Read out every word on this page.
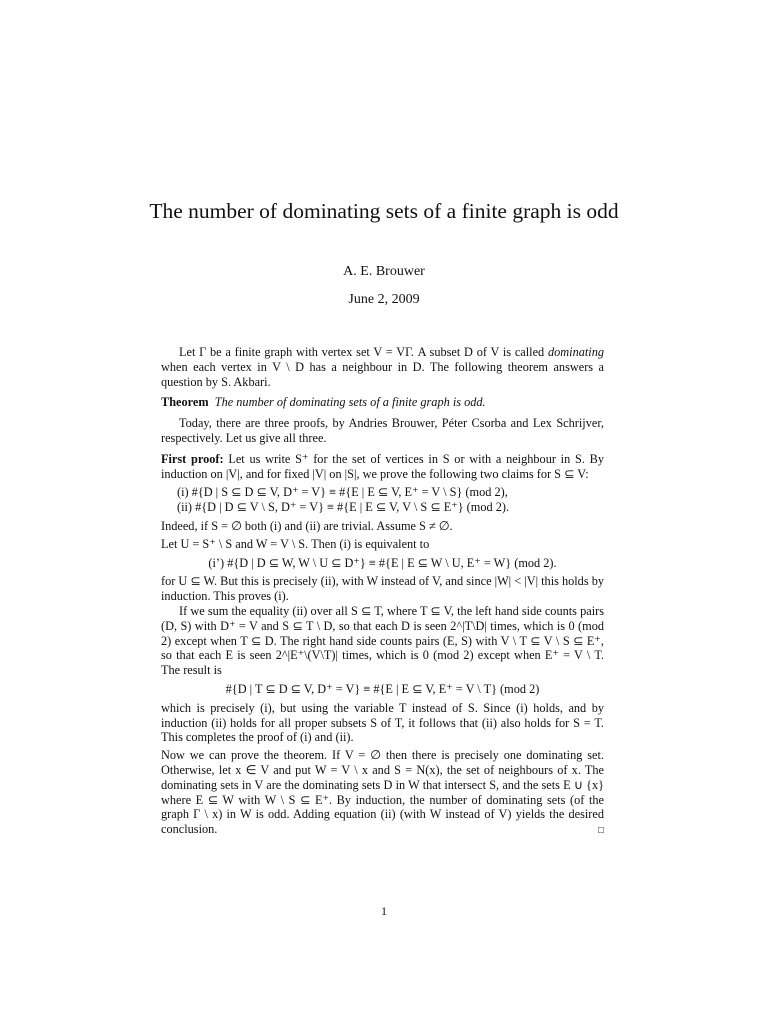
The number of dominating sets of a finite graph is odd
A. E. Brouwer
June 2, 2009

Let Γ be a finite graph with vertex set V = VΓ. A subset D of V is called dominating when each vertex in V \ D has a neighbour in D. The following theorem answers a question by S. Akbari.

Theorem The number of dominating sets of a finite graph is odd.

Today, there are three proofs, by Andries Brouwer, Péter Csorba and Lex Schrijver, respectively. Let us give all three.

First proof: Let us write S⁺ for the set of vertices in S or with a neighbour in S. By induction on |V|, and for fixed |V| on |S|, we prove the following two claims for S ⊆ V:

(i) #{D | S ⊆ D ⊆ V, D⁺ = V} ≡ #{E | E ⊆ V, E⁺ = V \ S} (mod 2),
(ii) #{D | D ⊆ V \ S, D⁺ = V} ≡ #{E | E ⊆ V, V \ S ⊆ E⁺} (mod 2).

Indeed, if S = ∅ both (i) and (ii) are trivial. Assume S ≠ ∅.

Let U = S⁺ \ S and W = V \ S. Then (i) is equivalent to

(i’) #{D | D ⊆ W, W \ U ⊆ D⁺} ≡ #{E | E ⊆ W \ U, E⁺ = W} (mod 2).

for U ⊆ W. But this is precisely (ii), with W instead of V, and since |W| < |V| this holds by induction. This proves (i).

If we sum the equality (ii) over all S ⊆ T, where T ⊆ V, the left hand side counts pairs (D, S) with D⁺ = V and S ⊆ T \ D, so that each D is seen 2^|T\D| times, which is 0 (mod 2) except when T ⊆ D. The right hand side counts pairs (E, S) with V \ T ⊆ V \ S ⊆ E⁺, so that each E is seen 2^|E⁺\(V\T)| times, which is 0 (mod 2) except when E⁺ = V \ T. The result is

#{D | T ⊆ D ⊆ V, D⁺ = V} ≡ #{E | E ⊆ V, E⁺ = V \ T} (mod 2)

which is precisely (i), but using the variable T instead of S. Since (i) holds, and by induction (ii) holds for all proper subsets S of T, it follows that (ii) also holds for S = T. This completes the proof of (i) and (ii).

Now we can prove the theorem. If V = ∅ then there is precisely one dominating set. Otherwise, let x ∈ V and put W = V \ x and S = N(x), the set of neighbours of x. The dominating sets in V are the dominating sets D in W that intersect S, and the sets E ∪ {x} where E ⊆ W with W \ S ⊆ E⁺. By induction, the number of dominating sets (of the graph Γ \ x) in W is odd. Adding equation (ii) (with W instead of V) yields the desired conclusion.	□

1
